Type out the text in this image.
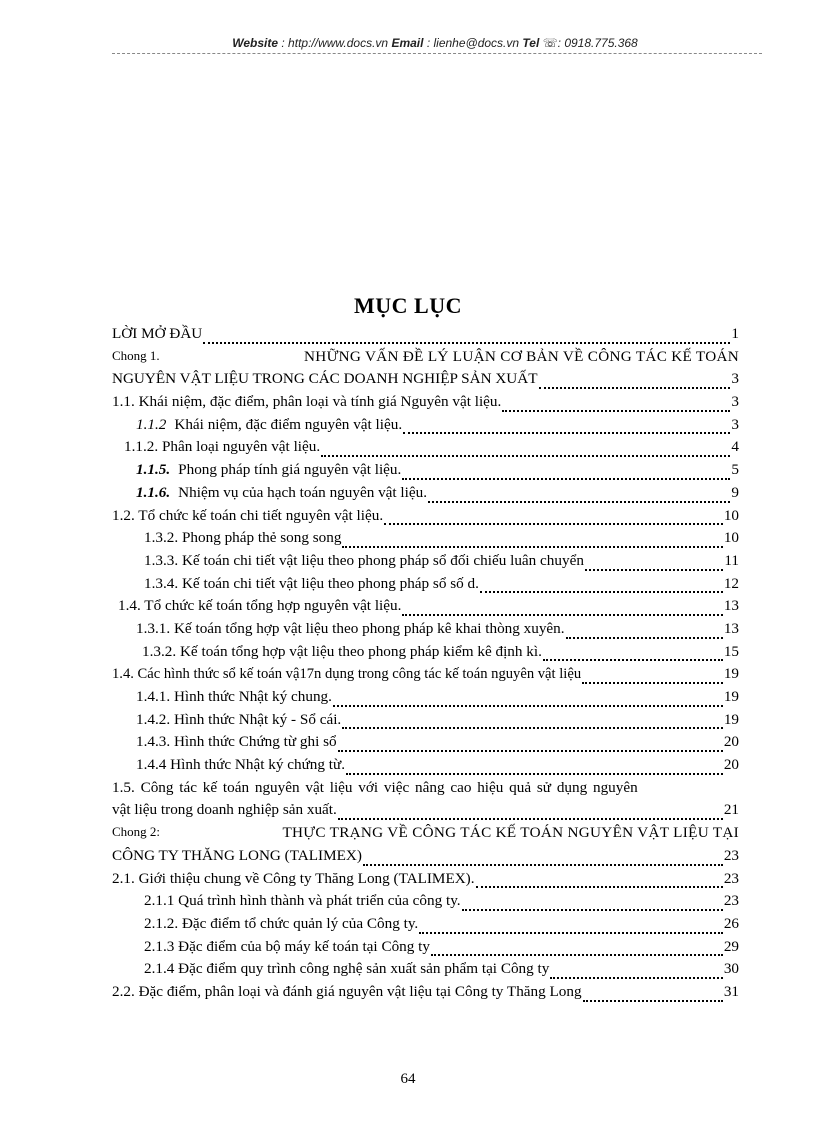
Website : http://www.docs.vn Email : lienhe@docs.vn Tel ☏: 0918.775.368
MỤC LỤC
LỜI MỞ ĐẦU	1
Chong 1.	NHỮNG VẤN ĐỀ LÝ LUẬN CƠ BẢN VỀ CÔNG TÁC KẾ TOÁN
NGUYÊN VẬT LIỆU TRONG CÁC DOANH NGHIỆP SẢN XUẤT	3
1.1. Khái niệm, đặc điểm, phân loại và tính giá Nguyên vật liệu.	3
1.1.2 Khái niệm, đặc điểm nguyên vật liệu.	3
1.1.2. Phân loại nguyên vật liệu.	4
1.1.5. Phong pháp tính giá nguyên vật liệu.	5
1.1.6. Nhiệm vụ của hạch toán nguyên vật liệu.	9
1.2. Tổ chức kế toán chi tiết nguyên vật liệu.	10
1.3.2. Phong pháp thẻ song song	10
1.3.3. Kế toán chi tiết vật liệu theo phong pháp sổ đối chiếu luân chuyển	11
1.3.4. Kế toán chi tiết vật liệu theo phong pháp sổ số d.	12
1.4. Tổ chức kế toán tổng hợp nguyên vật liệu.	13
1.3.1. Kế toán tổng hợp vật liệu theo phong pháp kê khai thòng xuyên.	13
1.3.2. Kế toán tổng hợp vật liệu theo phong pháp kiểm kê định kì.	15
1.4. Các hình thức sổ kế toán vậ17n dụng trong công tác kế toán nguyên vật liệu	19
1.4.1. Hình thức Nhật ký chung.	19
1.4.2. Hình thức Nhật ký - Sổ cái.	19
1.4.3. Hình thức Chứng từ ghi sổ	20
1.4.4 Hình thức Nhật ký chứng từ.	20
1.5. Công tác kế toán nguyên vật liệu với việc nâng cao hiệu quả sử dụng nguyên
vật liệu trong doanh nghiệp sản xuất.	21
Chong 2:	THỰC TRẠNG VỀ CÔNG TÁC KẾ TOÁN NGUYÊN VẬT LIỆU TẠI
CÔNG TY THĂNG LONG (TALIMEX)	23
2.1. Giới thiệu chung về Công ty Thăng Long (TALIMEX).	23
2.1.1 Quá trình hình thành và phát triển của công ty.	23
2.1.2. Đặc điểm tổ chức quản lý của Công ty.	26
2.1.3 Đặc điểm của bộ máy kế toán tại Công ty	29
2.1.4 Đặc điểm quy trình công nghệ sản xuất sản phẩm tại Công ty	30
2.2. Đặc điểm, phân loại và đánh giá nguyên vật liệu tại Công ty Thăng Long	31
64
